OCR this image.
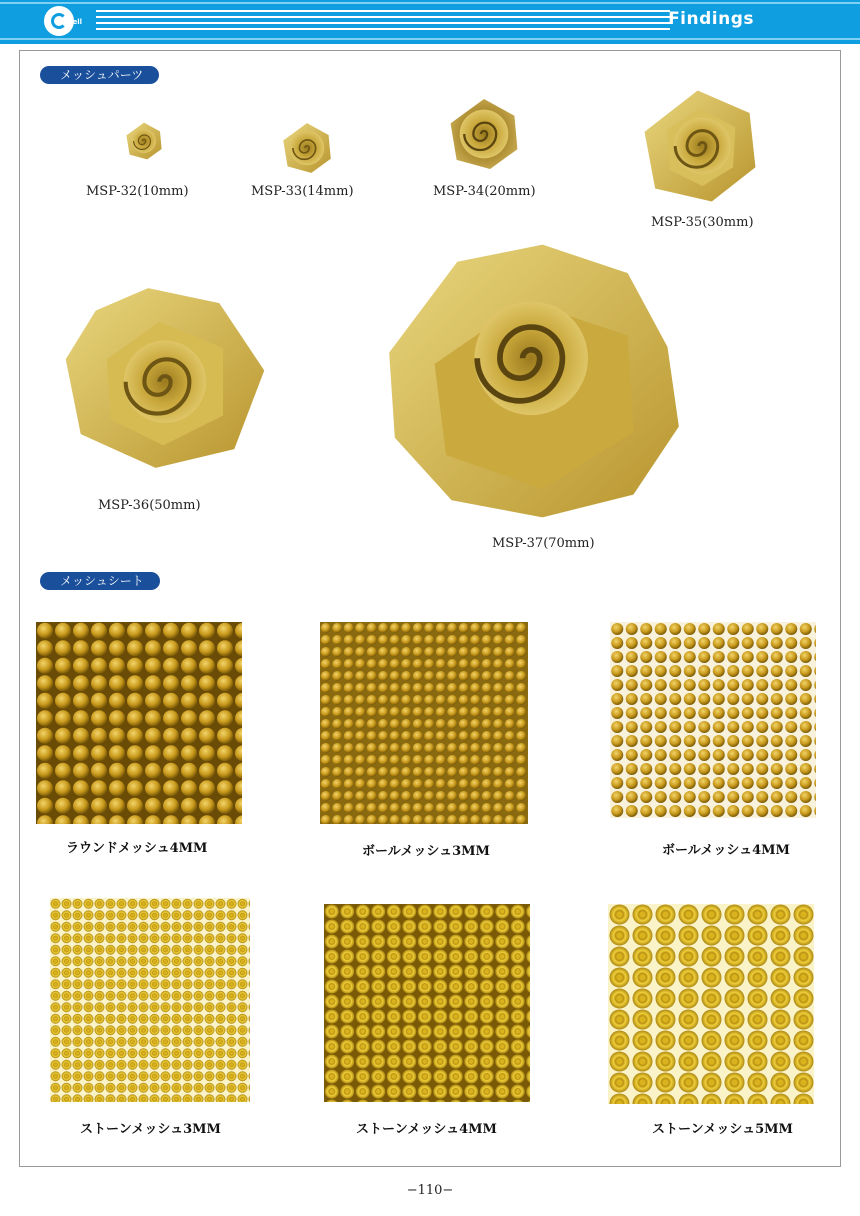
well	Findings
メッシュパーツ
MSP-32(10mm)	MSP-33(14mm)	MSP-34(20mm)
MSP-35(30mm)
MSP-36(50mm)
MSP-37(70mm)
メッシュシート
ラウンドメッシュ4MM	ボールメッシュ3MM	ボールメッシュ4MM
ストーンメッシュ3MM	ストーンメッシュ4MM	ストーンメッシュ5MM
−110−
